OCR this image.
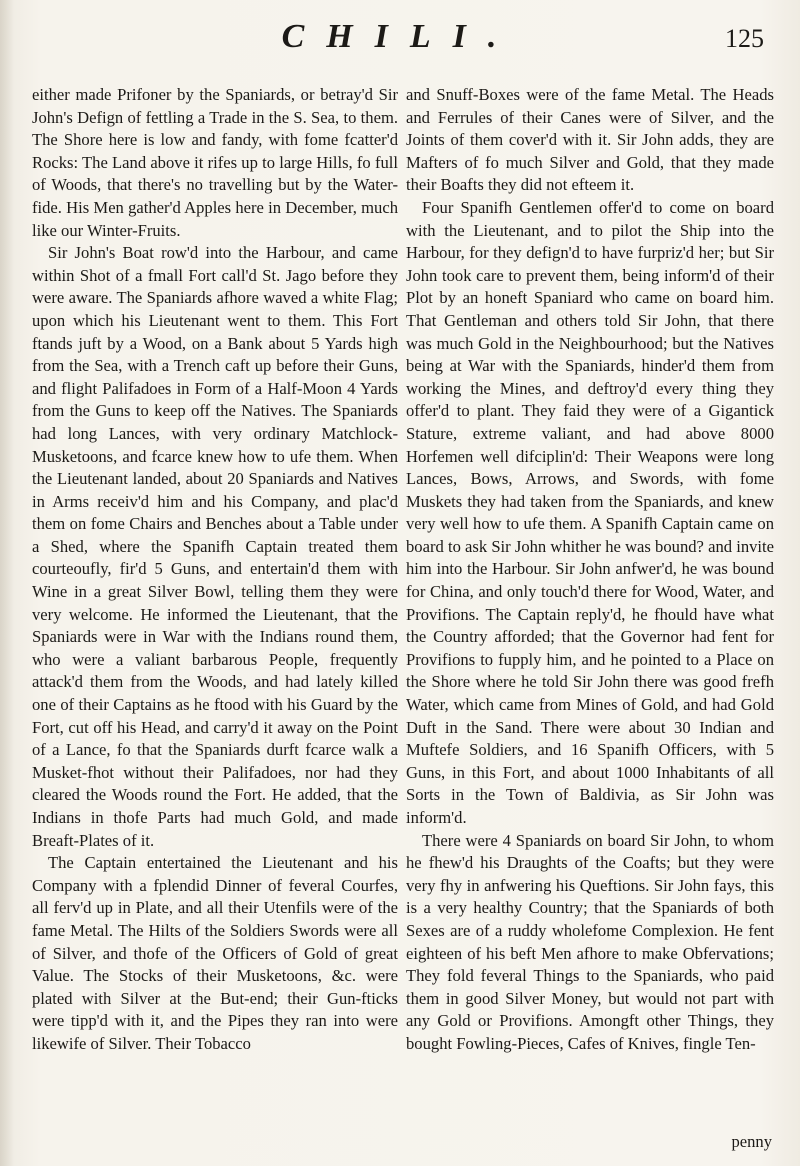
CHILI.	125

either made Prifoner by the Spaniards, or betray'd Sir John's Defign of fettling a Trade in the S. Sea, to them. The Shore here is low and fandy, with fome fcatter'd Rocks: The Land above it rifes up to large Hills, fo full of Woods, that there's no travelling but by the Water-fide. His Men gather'd Apples here in December, much like our Winter-Fruits.

Sir John's Boat row'd into the Harbour, and came within Shot of a fmall Fort call'd St. Jago before they were aware. The Spaniards afhore waved a white Flag; upon which his Lieutenant went to them. This Fort ftands juft by a Wood, on a Bank about 5 Yards high from the Sea, with a Trench caft up before their Guns, and flight Palifadoes in Form of a Half-Moon 4 Yards from the Guns to keep off the Natives. The Spaniards had long Lances, with very ordinary Matchlock-Musketoons, and fcarce knew how to ufe them. When the Lieutenant landed, about 20 Spaniards and Natives in Arms receiv'd him and his Company, and plac'd them on fome Chairs and Benches about a Table under a Shed, where the Spanifh Captain treated them courteoufly, fir'd 5 Guns, and entertain'd them with Wine in a great Silver Bowl, telling them they were very welcome. He informed the Lieutenant, that the Spaniards were in War with the Indians round them, who were a valiant barbarous People, frequently attack'd them from the Woods, and had lately killed one of their Captains as he ftood with his Guard by the Fort, cut off his Head, and carry'd it away on the Point of a Lance, fo that the Spaniards durft fcarce walk a Musket-fhot without their Palifadoes, nor had they cleared the Woods round the Fort. He added, that the Indians in thofe Parts had much Gold, and made Breaft-Plates of it.

The Captain entertained the Lieutenant and his Company with a fplendid Dinner of feveral Courfes, all ferv'd up in Plate, and all their Utenfils were of the fame Metal. The Hilts of the Soldiers Swords were all of Silver, and thofe of the Officers of Gold of great Value. The Stocks of their Musketoons, &c. were plated with Silver at the But-end; their Gun-fticks were tipp'd with it, and the Pipes they ran into were likewife of Silver. Their Tobacco

and Snuff-Boxes were of the fame Metal. The Heads and Ferrules of their Canes were of Silver, and the Joints of them cover'd with it. Sir John adds, they are Mafters of fo much Silver and Gold, that they made their Boafts they did not efteem it.

Four Spanifh Gentlemen offer'd to come on board with the Lieutenant, and to pilot the Ship into the Harbour, for they defign'd to have furpriz'd her; but Sir John took care to prevent them, being inform'd of their Plot by an honeft Spaniard who came on board him. That Gentleman and others told Sir John, that there was much Gold in the Neighbourhood; but the Natives being at War with the Spaniards, hinder'd them from working the Mines, and deftroy'd every thing they offer'd to plant. They faid they were of a Gigantick Stature, extreme valiant, and had above 8000 Horfemen well difciplin'd: Their Weapons were long Lances, Bows, Arrows, and Swords, with fome Muskets they had taken from the Spaniards, and knew very well how to ufe them. A Spanifh Captain came on board to ask Sir John whither he was bound? and invite him into the Harbour. Sir John anfwer'd, he was bound for China, and only touch'd there for Wood, Water, and Provifions. The Captain reply'd, he fhould have what the Country afforded; that the Governor had fent for Provifions to fupply him, and he pointed to a Place on the Shore where he told Sir John there was good frefh Water, which came from Mines of Gold, and had Gold Duft in the Sand. There were about 30 Indian and Muftefe Soldiers, and 16 Spanifh Officers, with 5 Guns, in this Fort, and about 1000 Inhabitants of all Sorts in the Town of Baldivia, as Sir John was inform'd.

There were 4 Spaniards on board Sir John, to whom he fhew'd his Draughts of the Coafts; but they were very fhy in anfwering his Queftions. Sir John fays, this is a very healthy Country; that the Spaniards of both Sexes are of a ruddy wholefome Complexion. He fent eighteen of his beft Men afhore to make Obfervations; They fold feveral Things to the Spaniards, who paid them in good Silver Money, but would not part with any Gold or Provifions. Amongft other Things, they bought Fowling-Pieces, Cafes of Knives, fingle Ten-

penny
